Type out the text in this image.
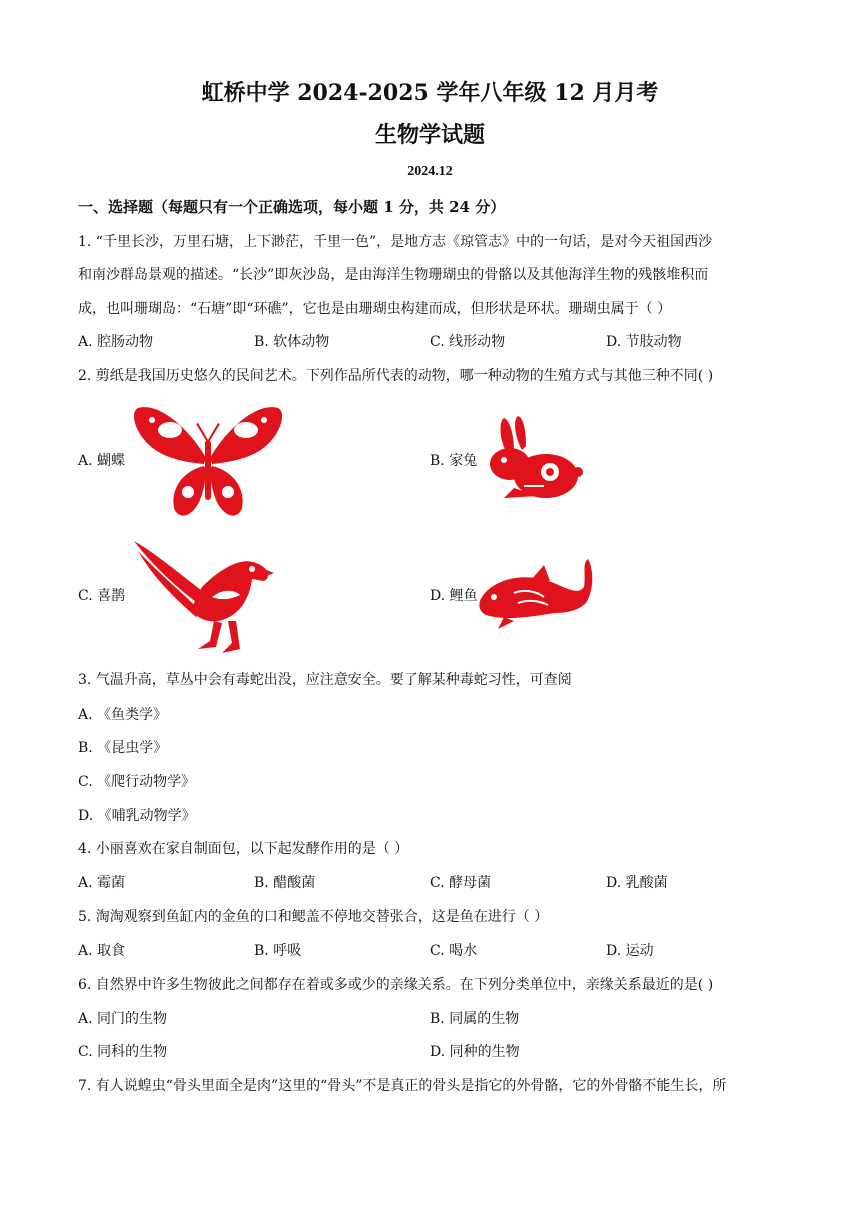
虹桥中学 2024-2025 学年八年级 12 月月考
生物学试题
2024.12
一、选择题（每题只有一个正确选项，每小题 1 分，共 24 分）
1. “千里长沙，万里石塘，上下渺茫，千里一色”，是地方志《琼管志》中的一句话，是对今天祖国西沙
和南沙群岛景观的描述。“长沙”即灰沙岛，是由海洋生物珊瑚虫的骨骼以及其他海洋生物的残骸堆积而
成，也叫珊瑚岛：“石塘”即“环礁”，它也是由珊瑚虫构建而成，但形状是环状。珊瑚虫属于（ ）
A. 腔肠动物	B. 软体动物	C. 线形动物	D. 节肢动物
2. 剪纸是我国历史悠久的民间艺术。下列作品所代表的动物，哪一种动物的生殖方式与其他三种不同( )
A. 蝴蝶	B. 家兔
C. 喜鹊	D. 鲤鱼
3. 气温升高，草丛中会有毒蛇出没，应注意安全。要了解某种毒蛇习性，可查阅
A. 《鱼类学》
B. 《昆虫学》
C. 《爬行动物学》
D. 《哺乳动物学》
4. 小丽喜欢在家自制面包，以下起发酵作用的是（ ）
A. 霉菌	B. 醋酸菌	C. 酵母菌	D. 乳酸菌
5. 淘淘观察到鱼缸内的金鱼的口和鳃盖不停地交替张合，这是鱼在进行（ ）
A. 取食	B. 呼吸	C. 喝水	D. 运动
6. 自然界中许多生物彼此之间都存在着或多或少的亲缘关系。在下列分类单位中，亲缘关系最近的是( )
A. 同门的生物	B. 同属的生物
C. 同科的生物	D. 同种的生物
7. 有人说蝗虫“骨头里面全是肉”这里的“骨头”不是真正的骨头是指它的外骨骼，它的外骨骼不能生长，所
